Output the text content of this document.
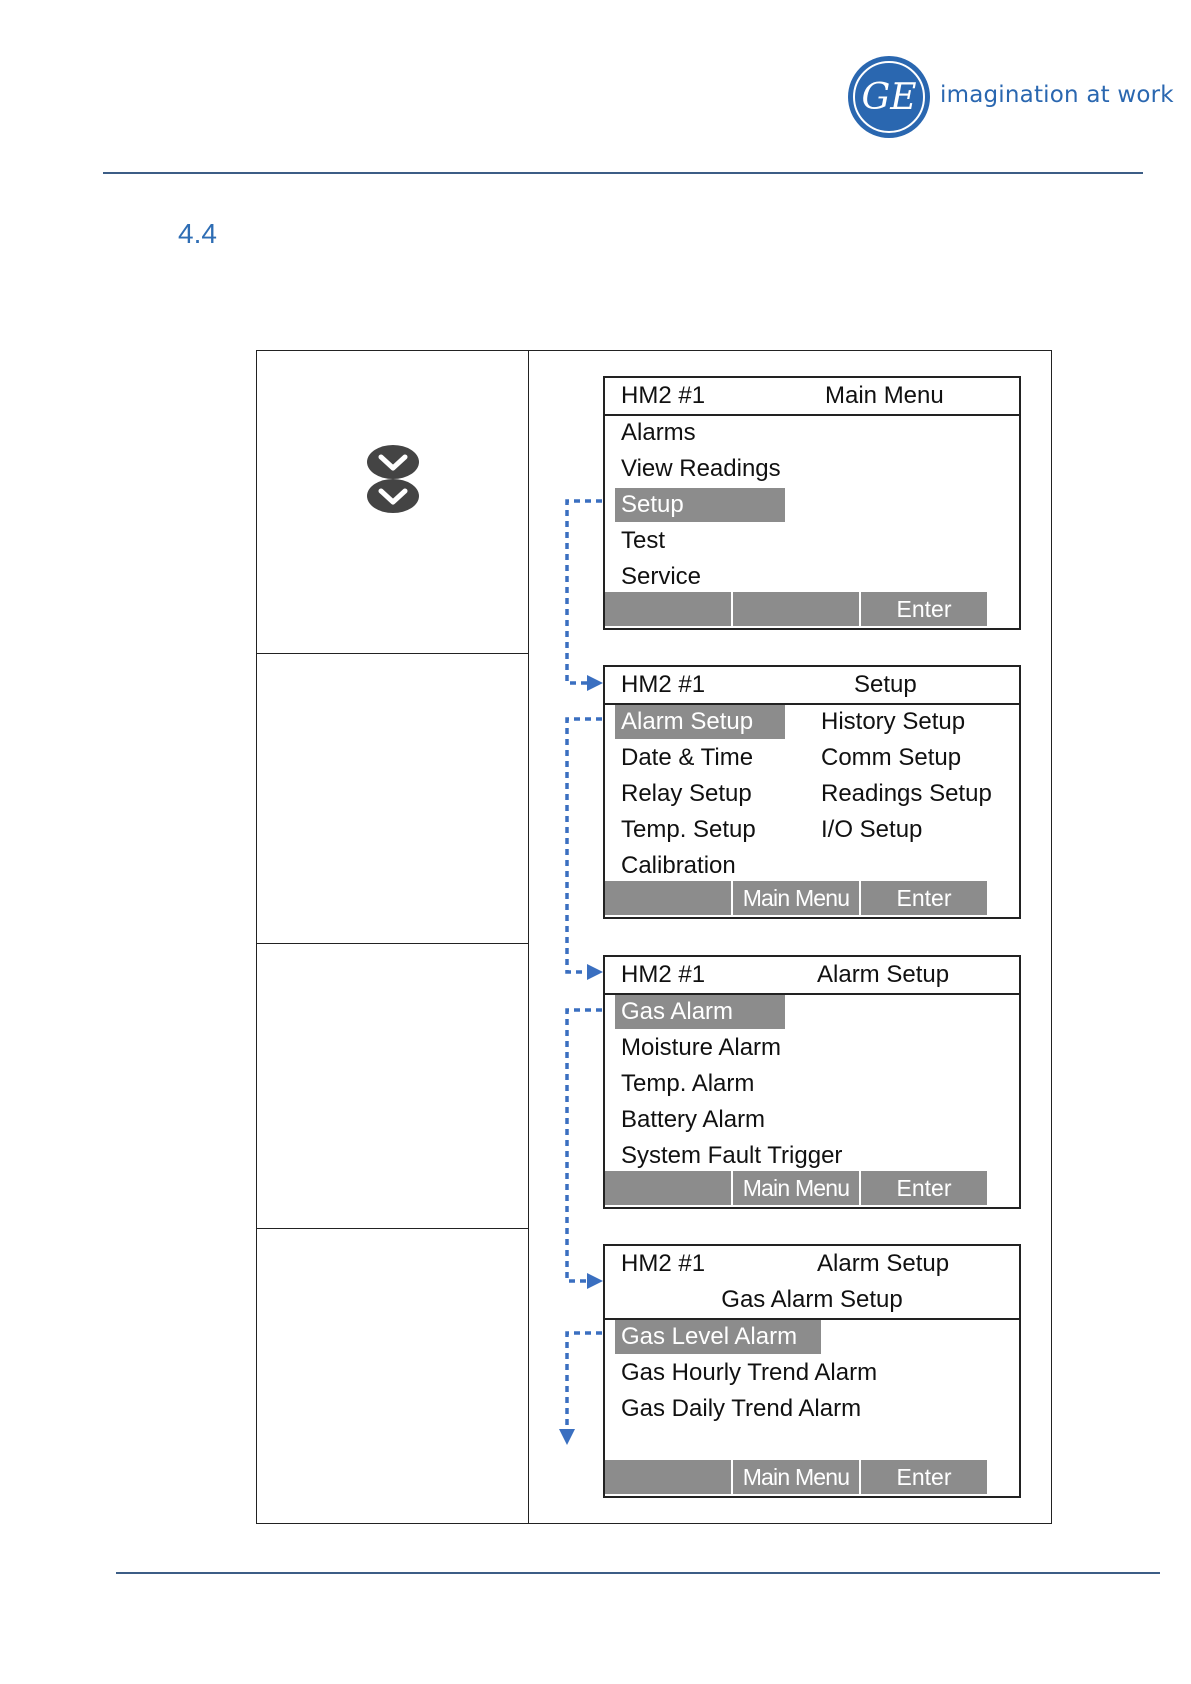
GE imagination at work
4.4
HM2 #1	Main Menu
Alarms
View Readings
Setup
Test
Service
Enter
HM2 #1	Setup
Alarm Setup
Date & Time
Relay Setup
Temp. Setup
Calibration
History Setup
Comm Setup
Readings Setup
I/O Setup
Main Menu	Enter
HM2 #1	Alarm Setup
Gas Alarm
Moisture Alarm
Temp. Alarm
Battery Alarm
System Fault Trigger
Main Menu	Enter
HM2 #1	Alarm Setup
Gas Alarm Setup
Gas Level Alarm
Gas Hourly Trend Alarm
Gas Daily Trend Alarm
Main Menu	Enter
